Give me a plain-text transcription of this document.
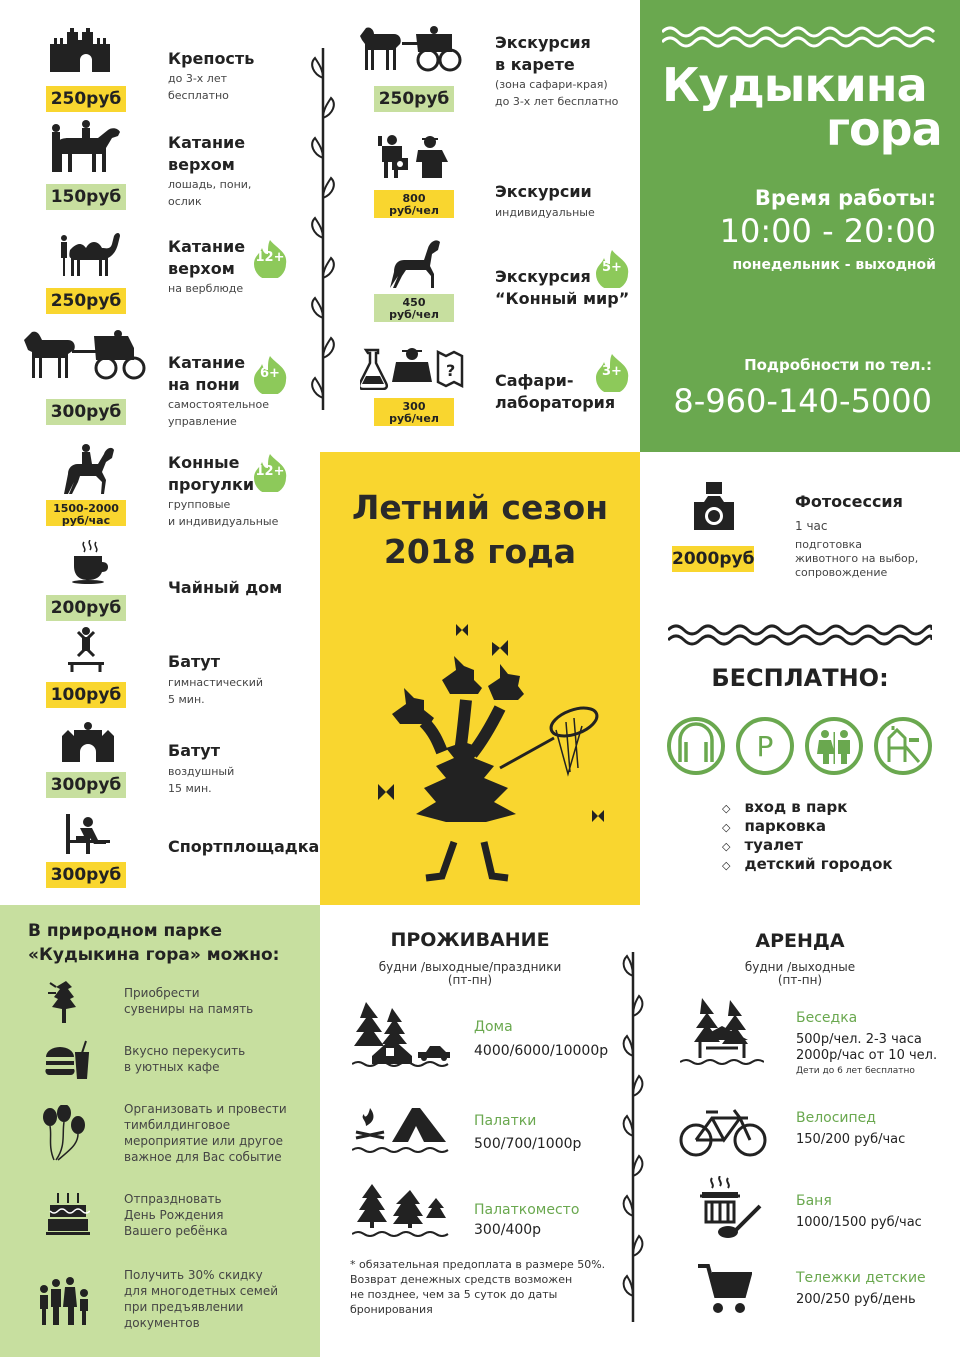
250руб
Крепость
до 3-х лет
бесплатно
150руб
Катание
верхом
лошадь, пони,
ослик
250руб
Катание
верхом
на верблюде
12+
300руб
Катание
на пони
самостоятельное
управление
6+
1500-2000
руб/час
Конные
прогулки
групповые
и индивидуальные
12+
200руб
Чайный дом
100руб
Батут
гимнастический
5 мин.
300руб
Батут
воздушный
15 мин.
300руб
Спортплощадка
250руб
Экскурсия
в карете
(зона сафари-края)
до 3-х лет бесплатно
800
руб/чел
Экскурсии
индивидуальные
450
руб/чел
Экскурсия
“Конный мир”
5+
?
300
руб/чел
Сафари-
лаборатория
3+
Кудыкина
гора
Время работы:
10:00 - 20:00
понедельник - выходной
Подробности по тел.:
8-960-140-5000
Летний сезон
2018 года	2000руб
Фотосессия
1 час
подготовка
животного на выбор,
сопровождение
БЕСПЛАТНО:
P
◇ вход в парк
◇ парковка
◇ туалет
◇ детский городок
В природном парке
«Кудыкина гора» можно:
Приобрести
сувениры на память
Вкусно перекусить
в уютных кафе
Организовать и провести
тимбилдинговое
мероприятие или другое
важное для Вас событие
Отпраздновать
День Рождения
Вашего ребёнка
Получить 30% скидку
для многодетных семей
при предъявлении
документов
ПРОЖИВАНИЕ
будни /выходные/праздники
(пт-пн)
Дома
4000/6000/10000р
Палатки
500/700/1000р
Палаткоместо
300/400р
* обязательная предоплата в размере 50%.
Возврат денежных средств возможен
не позднее, чем за 5 суток до даты
бронирования
АРЕНДА
будни /выходные
(пт-пн)
Беседка
500р/чел. 2-3 часа
2000р/час от 10 чел.
Дети до 6 лет бесплатно
Велосипед
150/200 руб/час
Баня
1000/1500 руб/час
Тележки детские
200/250 руб/день
